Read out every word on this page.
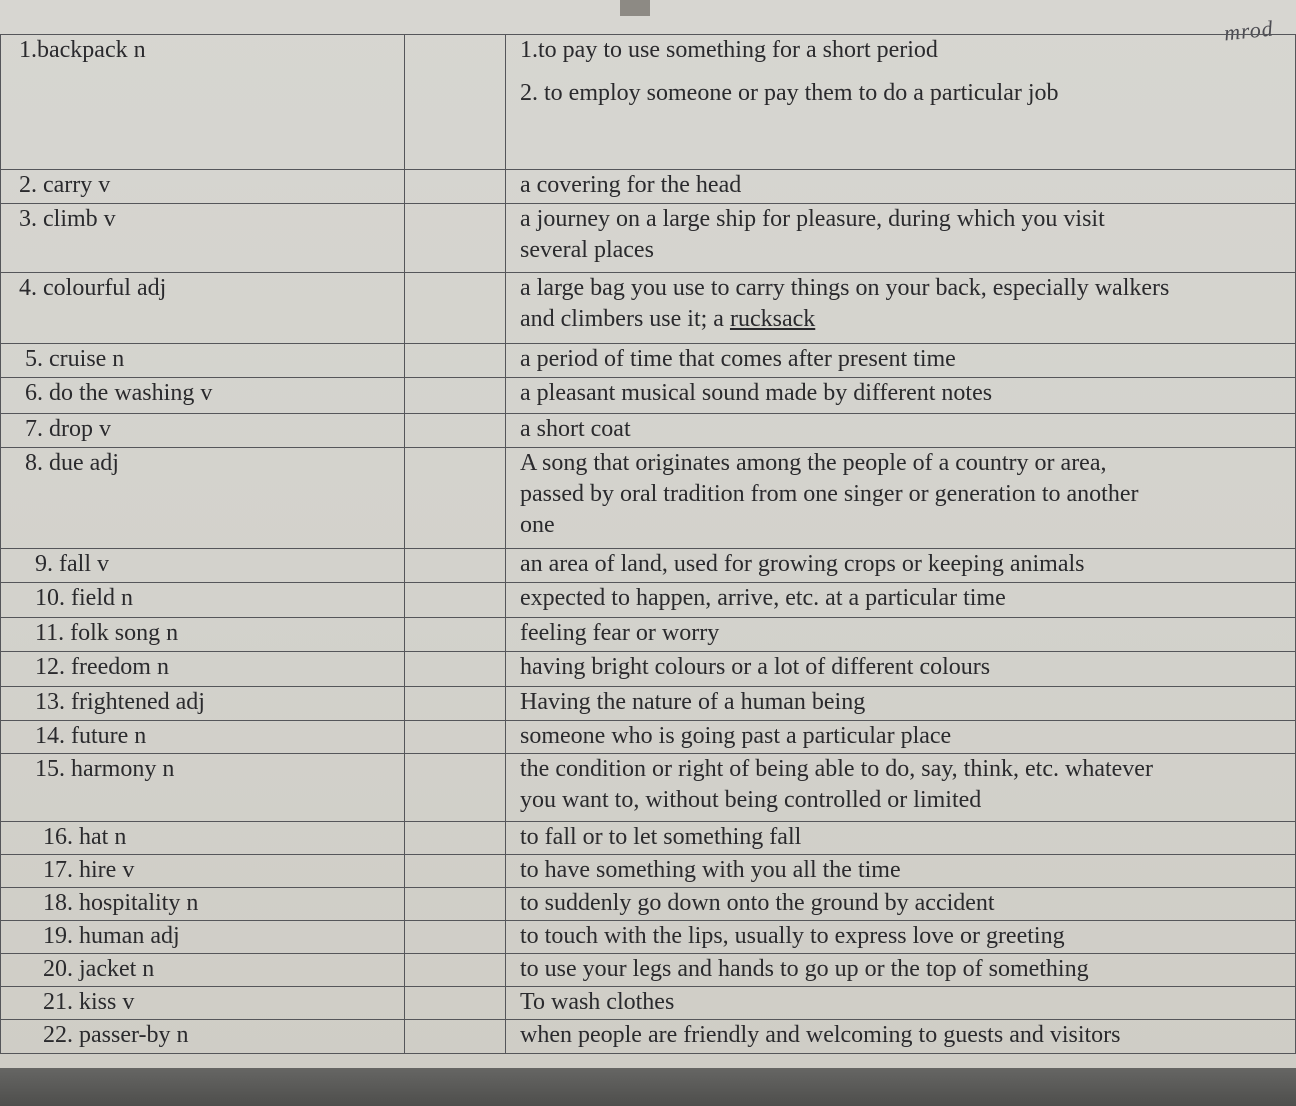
mrod
1.backpack n		1.to pay to use something for a short period
2. to employ someone or pay them to do a particular job

2. carry v		a covering for the head

3. climb v		a journey on a large ship for pleasure, during which you visit
several places

4. colourful adj		a large bag you use to carry things on your back, especially walkers
and climbers use it; a rucksack

5. cruise n		a period of time that comes after present time

6. do the washing v		a pleasant musical sound made by different notes

7. drop v		a short coat

8. due adj		A song that originates among the people of a country or area,
passed by oral tradition from one singer or generation to another
one

9. fall v		an area of land, used for growing crops or keeping animals

10. field n		expected to happen, arrive, etc. at a particular time

11. folk song n		feeling fear or worry

12. freedom n		having bright colours or a lot of different colours

13. frightened adj		Having the nature of a human being

14. future n		someone who is going past a particular place

15. harmony n		the condition or right of being able to do, say, think, etc. whatever
you want to, without being controlled or limited

16. hat n		to fall or to let something fall

17. hire v		to have something with you all the time

18. hospitality n		to suddenly go down onto the ground by accident

19. human adj		to touch with the lips, usually to express love or greeting

20. jacket n		to use your legs and hands to go up or the top of something

21. kiss v		To wash clothes

22. passer-by n		when people are friendly and welcoming to guests and visitors
